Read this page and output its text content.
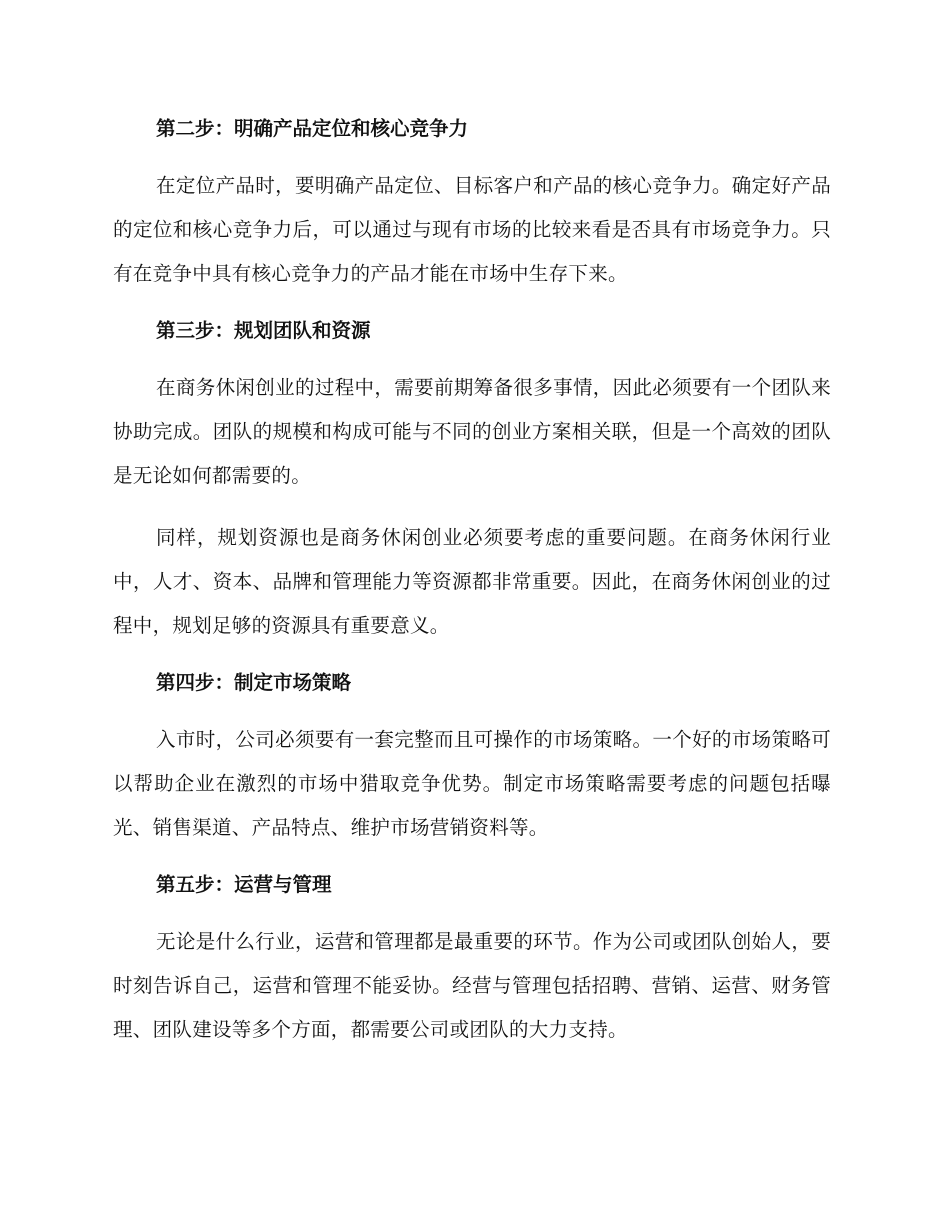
第二步：明确产品定位和核心竞争力

在定位产品时，要明确产品定位、目标客户和产品的核心竞争力。确定好产品的定位和核心竞争力后，可以通过与现有市场的比较来看是否具有市场竞争力。只有在竞争中具有核心竞争力的产品才能在市场中生存下来。

第三步：规划团队和资源

在商务休闲创业的过程中，需要前期筹备很多事情，因此必须要有一个团队来协助完成。团队的规模和构成可能与不同的创业方案相关联，但是一个高效的团队是无论如何都需要的。

同样，规划资源也是商务休闲创业必须要考虑的重要问题。在商务休闲行业中，人才、资本、品牌和管理能力等资源都非常重要。因此，在商务休闲创业的过程中，规划足够的资源具有重要意义。

第四步：制定市场策略

入市时，公司必须要有一套完整而且可操作的市场策略。一个好的市场策略可以帮助企业在激烈的市场中猎取竞争优势。制定市场策略需要考虑的问题包括曝光、销售渠道、产品特点、维护市场营销资料等。

第五步：运营与管理

无论是什么行业，运营和管理都是最重要的环节。作为公司或团队创始人，要时刻告诉自己，运营和管理不能妥协。经营与管理包括招聘、营销、运营、财务管理、团队建设等多个方面，都需要公司或团队的大力支持。
